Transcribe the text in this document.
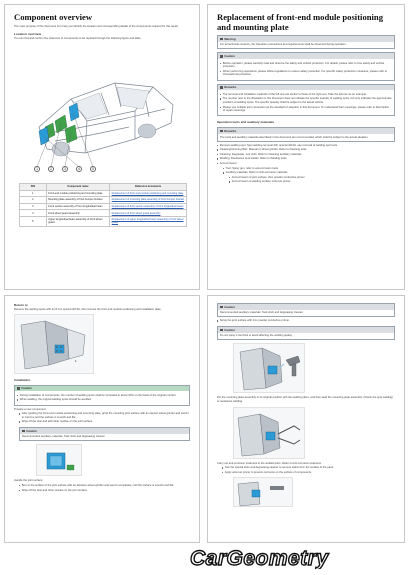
Component overview
The main purpose of this document is to help you identify the location and corresponding details of the components required for this repair.
Location overview
You can find and confirm the reference of components to be repaired through the following figure and table.
1	2	3	4	5
S/N	Component name	Reference documents
1	Front-end module positioning and mounting plate	Replacement of front-end module positioning and mounting plate
2	Mounting plate assembly of front bumper bracket	Replacement of mounting plate assembly of front bumper bracket
3	Front section assembly of front longitudinal beam	Replacement of front section assembly of front longitudinal beam
4	Front wheel guard assembly	Replacement of front wheel guard assembly
5	Upper longitudinal beam assembly of front wheel guard	Replacement of upper longitudinal beam assembly of front wheel guard
Replacement of front-end module positioning and mounting plate
Warning
For all technical contents, the Operation precautions and requirements shall be observed during operation.
Caution
Before operation, please carefully read and observe the safety and vehicle protection. For details, please refer to Use safety and vehicle protection.
When performing operations, please follow regulations to ensure safety protection. For specific safety protection measures, please refer to Occupational protection.
Remarks
The removal and installation methods of the left one are similar to those of the right one. Take the left one as an example.
The number next to the illustration in this document does not indicate the specific quantity of welding spots, but only indicates the approximate positions of welding spots. The specific quantity shall be subject to the actual vehicle.
Please use multiple joint connection as the standard of selection in this document. To understand their meanings, please refer to Description of repair meanings.
Operation tools and auxiliary materials
Remarks
The tools and auxiliary materials described in this document are recommended, which shall be subject to the actual situation.
Remove welding spot: Spot welding removal drill, special drill bit, see removal of welding spot tools
Cleaning/trimming fitter: Manual or wheel grinder. Refer to Cleaning tools
Cleaning: Degreaser, rust cloth. Refer to Cleaning auxiliary materials
Welding: Resistance spot welder. Refer to Welding tools
Anti-corrosion:
Tool: Spray gun, refer to anti-corrosion tools
Auxiliary materials: Refer to Anti-corrosion materials
Anti-corrosion of joint surface: Zinc powder conductive primer
Anti-corrosion of welding surface: Anti-rust primer
Return to
Remove the welding spots with an 8 mm special drill bit, then remove the front-end module positioning and installation plate.
1
Installation
Caution
During installation of components, the number of welding spots shall be increased to about 30% on the basis of the original number.
When welding, the original welding spots should be avoided.
Prepare a new component:
After grinding the front-end module positioning and mounting plate, grind the mounting joint surface with an electric wheel grinder and sand it to improve and the surface is smooth and flat.
Wipe off the dust and add other residue on the joint surface.
Caution
Recommended auxiliary materials: Tack cloth and degreasing cleaner.
Handle the joint surface:
Burr to the surface of the joint surface with an abrasive wheel grinder and sand it completely, until the surface is smooth and flat.
Wipe off the dust and other residue on the joint surface.
Caution
Recommended auxiliary materials: Tack cloth and degreasing cleaner.
Spray the joint surface with zinc powder conductive primer.
Caution
Do not spray it too thick to avoid affecting the welding quality.
Put the mounting plate assembly to its original position with the welding pliers, and then weld the mounting plate assembly. (Check the spot welding) to resistance welding.
Carry out anti-corrosion treatment to the welded parts. Refer to Anti-corrosion treatment.
Use the special tools and degreasing cleaner to remove stains from the surface of the parts.
Apply anti-rust primer to prevent corrosion on the surface of components.
CarGeometry
